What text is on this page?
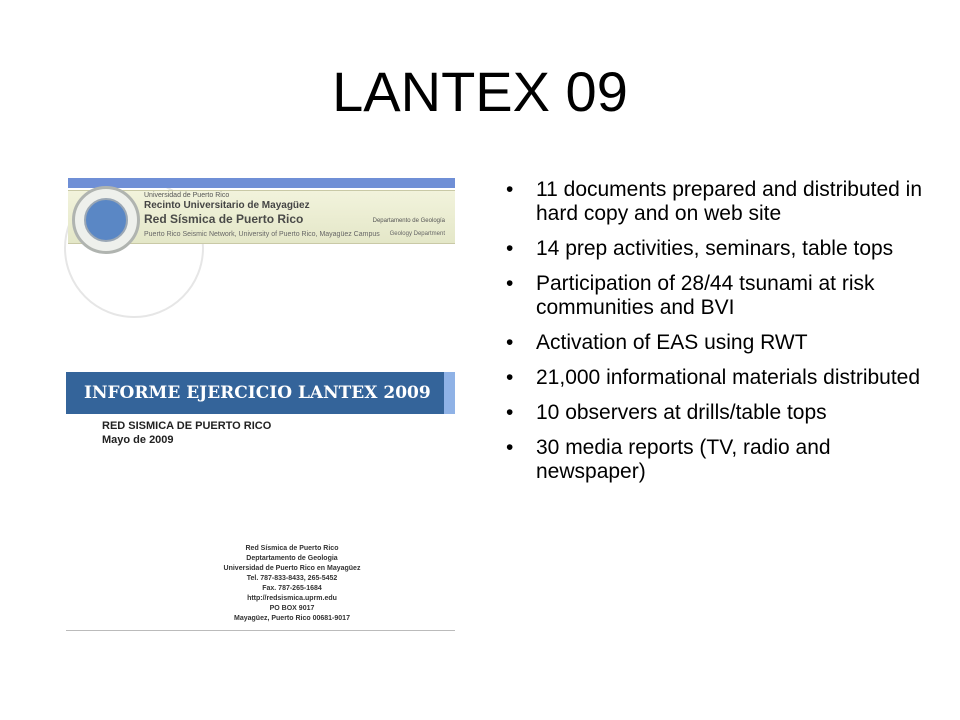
LANTEX 09
Universidad de Puerto Rico
Recinto Universitario de Mayagüez
Red Sísmica de Puerto Rico	Departamento de Geología
Puerto Rico Seismic Network, University of Puerto Rico, Mayagüez Campus Geology Department
INFORME EJERCICIO LANTEX 2009
RED SISMICA DE PUERTO RICO
Mayo de 2009
Red Sísmica de Puerto Rico
Deptartamento de Geologia
Universidad de Puerto Rico en Mayagüez
Tel. 787-833-8433, 265-5452
Fax. 787-265-1684
http://redsismica.uprm.edu
PO BOX 9017
Mayagüez, Puerto Rico 00681-9017
• 11 documents prepared and distributed in hard copy and on web site
• 14 prep activities, seminars, table tops
• Participation of 28/44 tsunami at risk communities and BVI
• Activation of EAS using RWT
• 21,000 informational materials distributed
• 10 observers at drills/table tops
• 30 media reports (TV, radio and newspaper)
